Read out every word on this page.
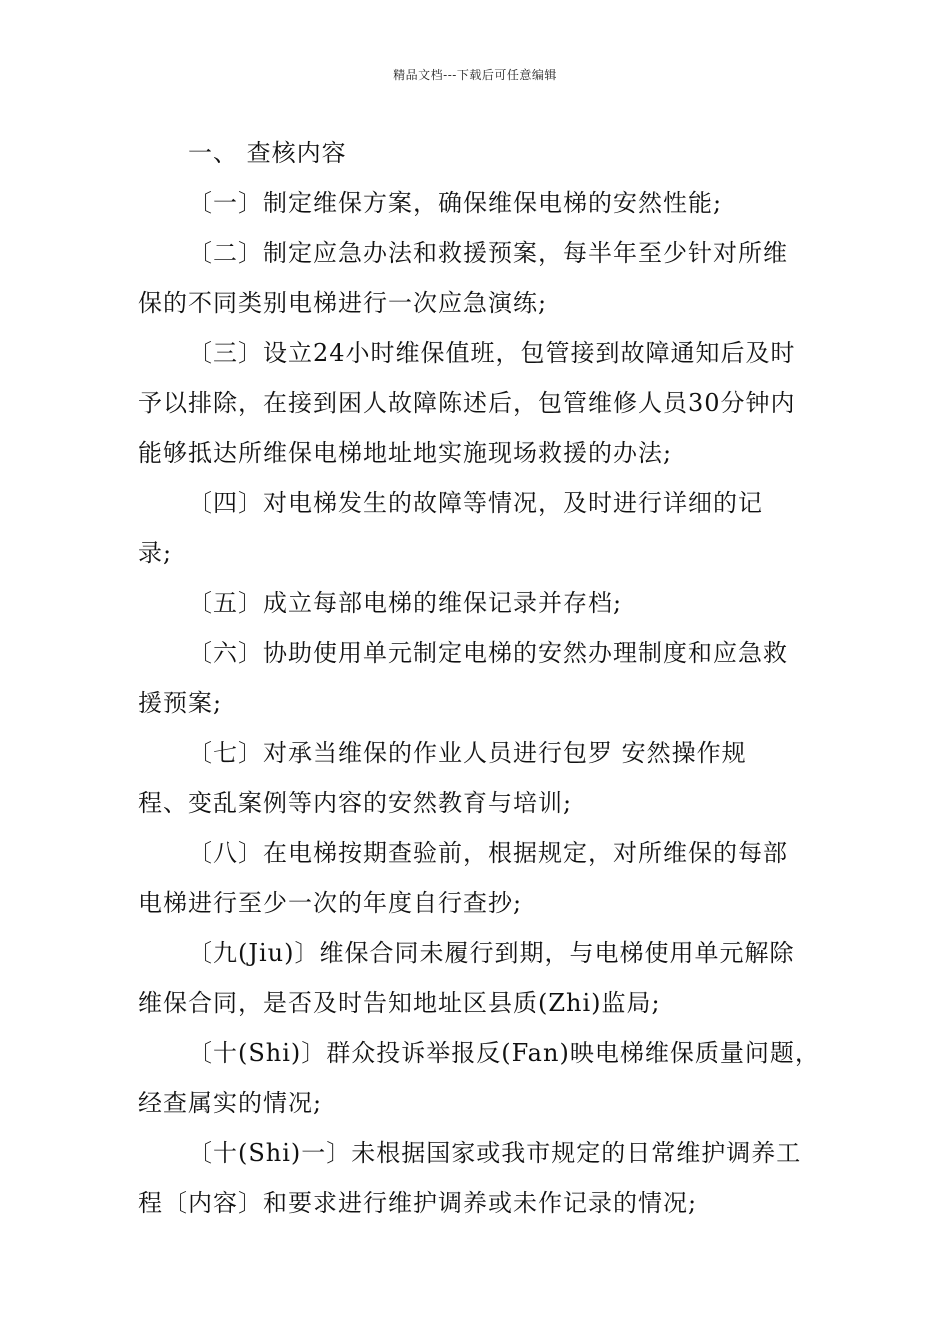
精品文档---下载后可任意编辑
一、 查核内容
〔一〕制定维保方案，确保维保电梯的安然性能;
〔二〕制定应急办法和救援预案，每半年至少针对所维
保的不同类别电梯进行一次应急演练;
〔三〕设立24小时维保值班，包管接到故障通知后及时
予以排除，在接到困人故障陈述后，包管维修人员30分钟内
能够抵达所维保电梯地址地实施现场救援的办法;
〔四〕对电梯发生的故障等情况，及时进行详细的记
录;
〔五〕成立每部电梯的维保记录并存档;
〔六〕协助使用单元制定电梯的安然办理制度和应急救
援预案;
〔七〕对承当维保的作业人员进行包罗 安然操作规
程、变乱案例等内容的安然教育与培训;
〔八〕在电梯按期查验前，根据规定，对所维保的每部
电梯进行至少一次的年度自行查抄;
〔九(Jiu)〕维保合同未履行到期，与电梯使用单元解除
维保合同，是否及时告知地址区县质(Zhi)监局;
〔十(Shi)〕群众投诉举报反(Fan)映电梯维保质量问题，
经查属实的情况;
〔十(Shi)一〕未根据国家或我市规定的日常维护调养工
程〔内容〕和要求进行维护调养或未作记录的情况;
